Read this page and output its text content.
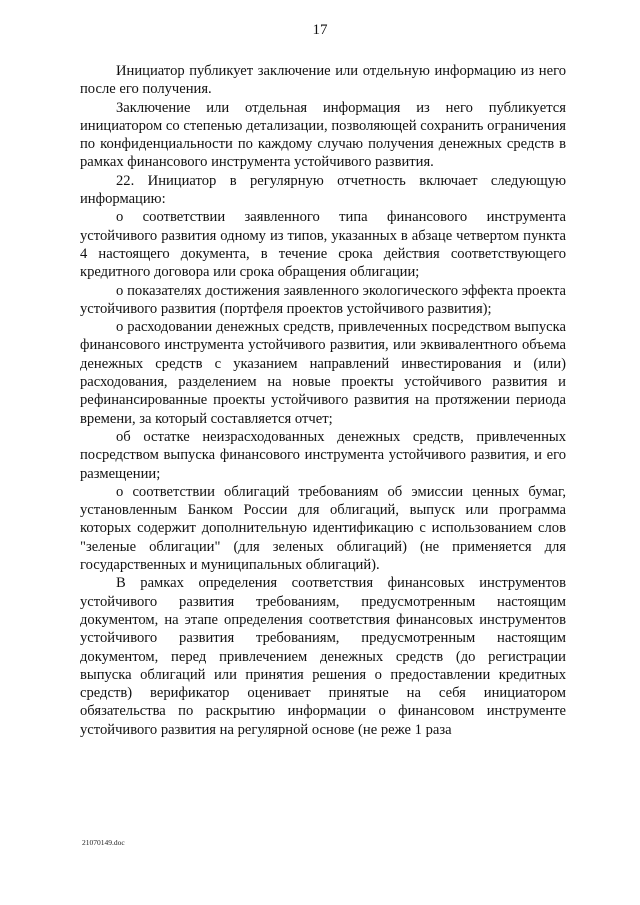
17

Инициатор публикует заключение или отдельную информацию из него после его получения.

Заключение или отдельная информация из него публикуется инициатором со степенью детализации, позволяющей сохранить ограничения по конфиденциальности по каждому случаю получения денежных средств в рамках финансового инструмента устойчивого развития.

22. Инициатор в регулярную отчетность включает следующую информацию:

о соответствии заявленного типа финансового инструмента устойчивого развития одному из типов, указанных в абзаце четвертом пункта 4 настоящего документа, в течение срока действия соответствующего кредитного договора или срока обращения облигации;

о показателях достижения заявленного экологического эффекта проекта устойчивого развития (портфеля проектов устойчивого развития);

о расходовании денежных средств, привлеченных посредством выпуска финансового инструмента устойчивого развития, или эквивалентного объема денежных средств с указанием направлений инвестирования и (или) расходования, разделением на новые проекты устойчивого развития и рефинансированные проекты устойчивого развития на протяжении периода времени, за который составляется отчет;

об остатке неизрасходованных денежных средств, привлеченных посредством выпуска финансового инструмента устойчивого развития, и его размещении;

о соответствии облигаций требованиям об эмиссии ценных бумаг, установленным Банком России для облигаций, выпуск или программа которых содержит дополнительную идентификацию с использованием слов "зеленые облигации" (для зеленых облигаций) (не применяется для государственных и муниципальных облигаций).

В рамках определения соответствия финансовых инструментов устойчивого развития требованиям, предусмотренным настоящим документом, на этапе определения соответствия финансовых инструментов устойчивого развития требованиям, предусмотренным настоящим документом, перед привлечением денежных средств (до регистрации выпуска облигаций или принятия решения о предоставлении кредитных средств) верификатор оценивает принятые на себя инициатором обязательства по раскрытию информации о финансовом инструменте устойчивого развития на регулярной основе (не реже 1 раза

21070149.doc
